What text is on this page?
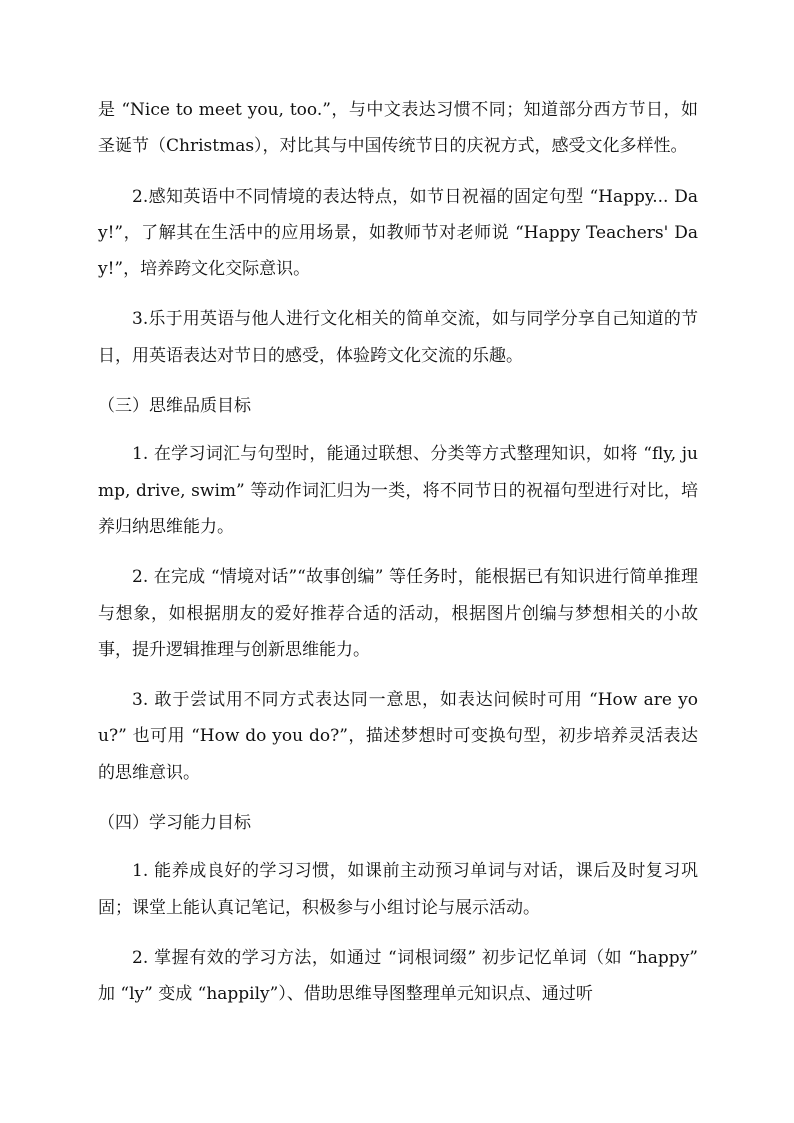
是 “Nice to meet you, too.”，与中文表达习惯不同；知道部分西方节日，如圣诞节（Christmas），对比其与中国传统节日的庆祝方式，感受文化多样性。

2.感知英语中不同情境的表达特点，如节日祝福的固定句型 “Happy... Day!”，了解其在生活中的应用场景，如教师节对老师说 “Happy Teachers' Day!”，培养跨文化交际意识。

3.乐于用英语与他人进行文化相关的简单交流，如与同学分享自己知道的节日，用英语表达对节日的感受，体验跨文化交流的乐趣。

（三）思维品质目标

1. 在学习词汇与句型时，能通过联想、分类等方式整理知识，如将 “fly, jump, drive, swim” 等动作词汇归为一类，将不同节日的祝福句型进行对比，培养归纳思维能力。

2. 在完成 “情境对话”“故事创编” 等任务时，能根据已有知识进行简单推理与想象，如根据朋友的爱好推荐合适的活动，根据图片创编与梦想相关的小故事，提升逻辑推理与创新思维能力。

3. 敢于尝试用不同方式表达同一意思，如表达问候时可用 “How are you?” 也可用 “How do you do?”，描述梦想时可变换句型，初步培养灵活表达的思维意识。

（四）学习能力目标

1. 能养成良好的学习习惯，如课前主动预习单词与对话，课后及时复习巩固；课堂上能认真记笔记，积极参与小组讨论与展示活动。

2. 掌握有效的学习方法，如通过 “词根词缀” 初步记忆单词（如 “happy” 加 “ly” 变成 “happily”）、借助思维导图整理单元知识点、通过听
